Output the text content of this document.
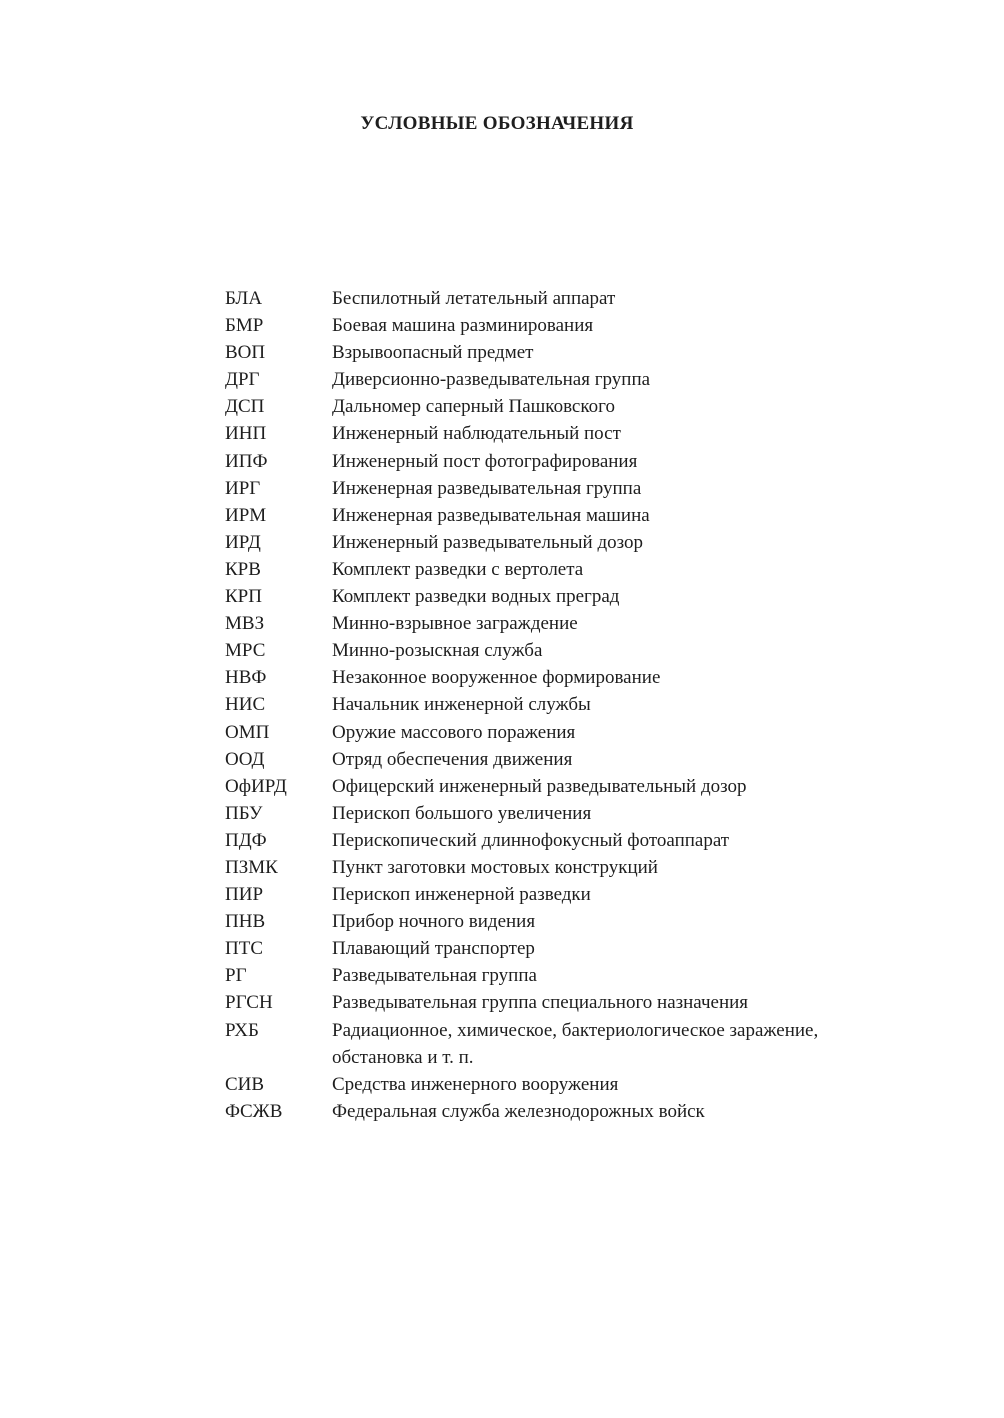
УСЛОВНЫЕ ОБОЗНАЧЕНИЯ
БЛА	Беспилотный летательный аппарат
БМР	Боевая машина разминирования
ВОП	Взрывоопасный предмет
ДРГ	Диверсионно-разведывательная группа
ДСП	Дальномер саперный Пашковского
ИНП	Инженерный наблюдательный пост
ИПФ	Инженерный пост фотографирования
ИРГ	Инженерная разведывательная группа
ИРМ	Инженерная разведывательная машина
ИРД	Инженерный разведывательный дозор
КРВ	Комплект разведки с вертолета
КРП	Комплект разведки водных преград
МВЗ	Минно-взрывное заграждение
МРС	Минно-розыскная служба
НВФ	Незаконное вооруженное формирование
НИС	Начальник инженерной службы
ОМП	Оружие массового поражения
ООД	Отряд обеспечения движения
ОфИРД	Офицерский инженерный разведывательный дозор
ПБУ	Перископ большого увеличения
ПДФ	Перископический длиннофокусный фотоаппарат
ПЗМК	Пункт заготовки мостовых конструкций
ПИР	Перископ инженерной разведки
ПНВ	Прибор ночного видения
ПТС	Плавающий транспортер
РГ	Разведывательная группа
РГСН	Разведывательная группа специального назначения
РХБ	Радиационное, химическое, бактериологическое заражение, обстановка и т. п.
СИВ	Средства инженерного вооружения
ФСЖВ	Федеральная служба железнодорожных войск
